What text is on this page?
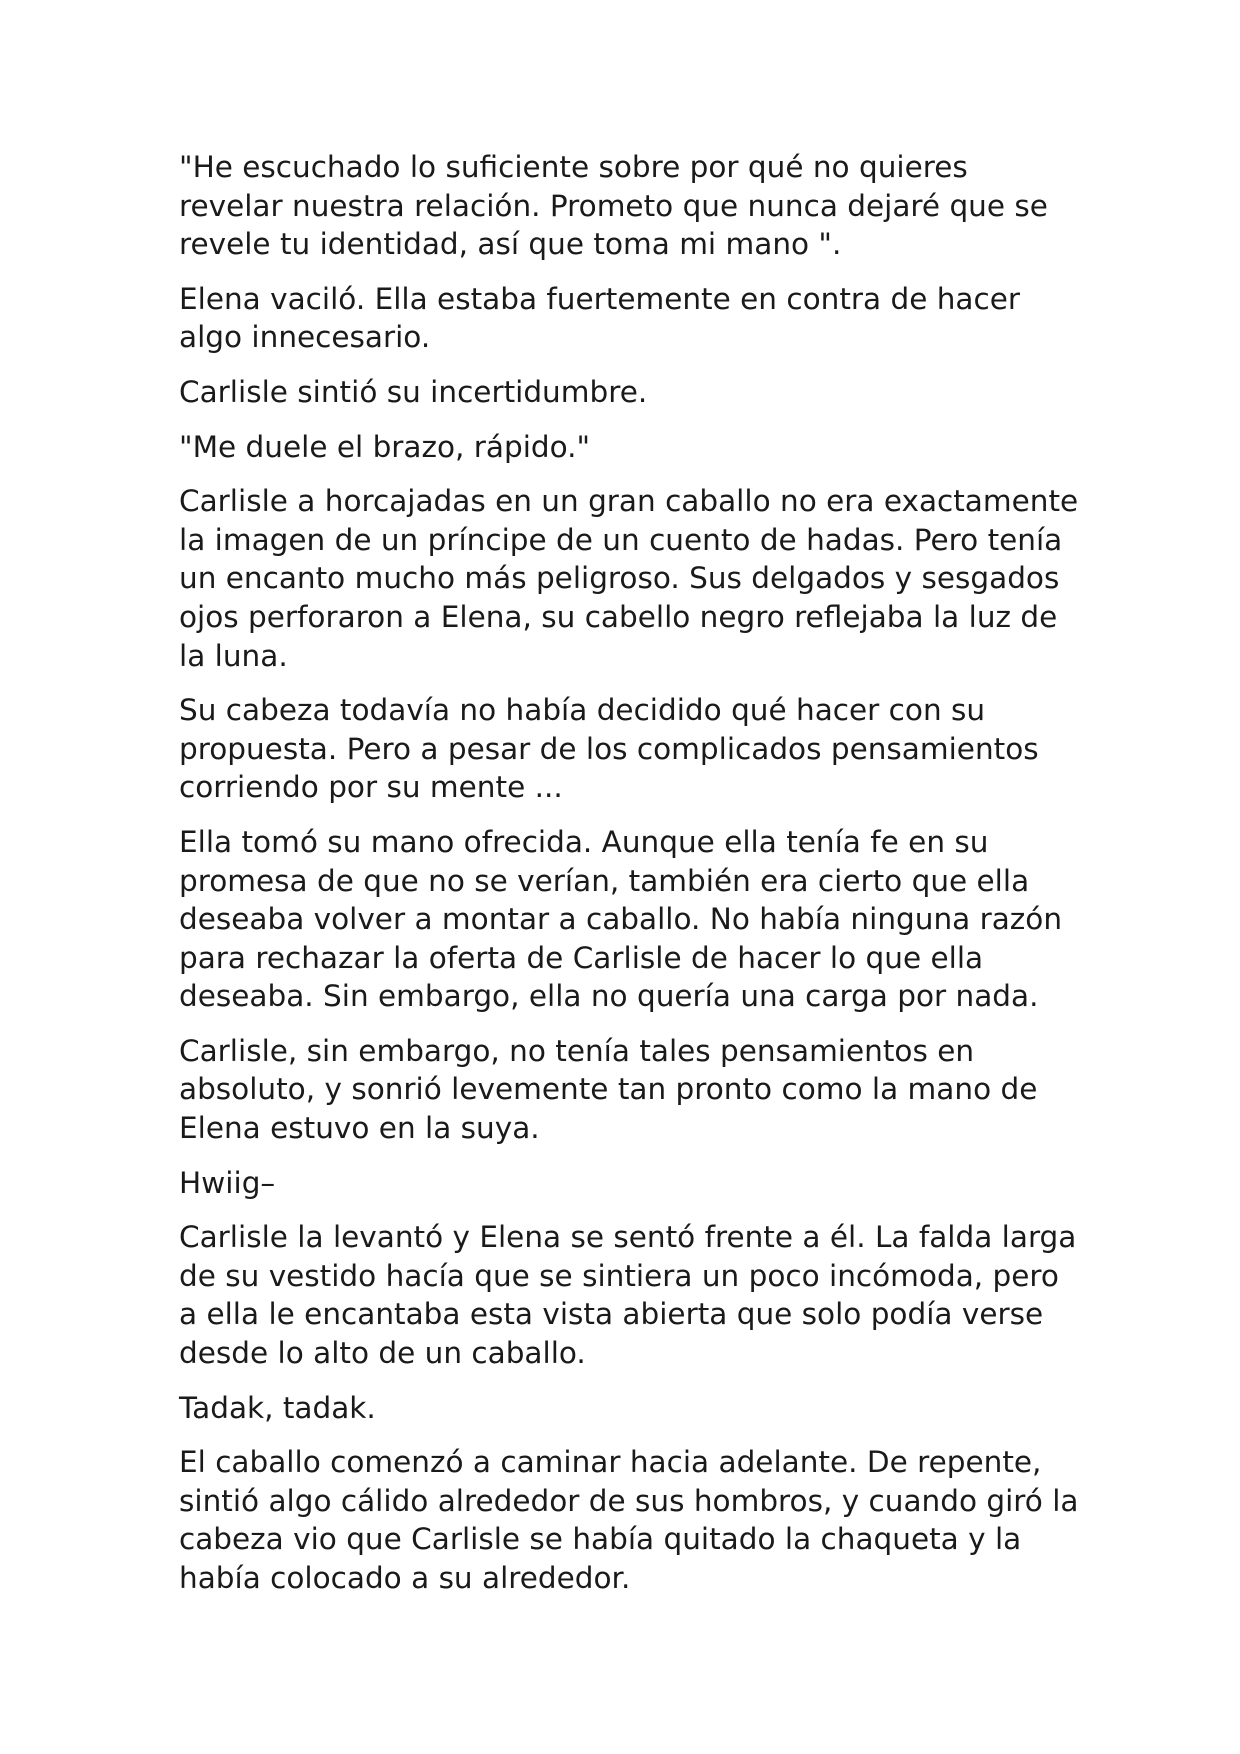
"He escuchado lo suficiente sobre por qué no quieres revelar nuestra relación. Prometo que nunca dejaré que se revele tu identidad, así que toma mi mano ".

Elena vaciló. Ella estaba fuertemente en contra de hacer algo innecesario.

Carlisle sintió su incertidumbre.

"Me duele el brazo, rápido."

Carlisle a horcajadas en un gran caballo no era exactamente la imagen de un príncipe de un cuento de hadas. Pero tenía un encanto mucho más peligroso. Sus delgados y sesgados ojos perforaron a Elena, su cabello negro reflejaba la luz de la luna.

Su cabeza todavía no había decidido qué hacer con su propuesta. Pero a pesar de los complicados pensamientos corriendo por su mente ...

Ella tomó su mano ofrecida. Aunque ella tenía fe en su promesa de que no se verían, también era cierto que ella deseaba volver a montar a caballo. No había ninguna razón para rechazar la oferta de Carlisle de hacer lo que ella deseaba. Sin embargo, ella no quería una carga por nada.

Carlisle, sin embargo, no tenía tales pensamientos en absoluto, y sonrió levemente tan pronto como la mano de Elena estuvo en la suya.

Hwiig–

Carlisle la levantó y Elena se sentó frente a él. La falda larga de su vestido hacía que se sintiera un poco incómoda, pero a ella le encantaba esta vista abierta que solo podía verse desde lo alto de un caballo.

Tadak, tadak.

El caballo comenzó a caminar hacia adelante. De repente, sintió algo cálido alrededor de sus hombros, y cuando giró la cabeza vio que Carlisle se había quitado la chaqueta y la había colocado a su alrededor.
